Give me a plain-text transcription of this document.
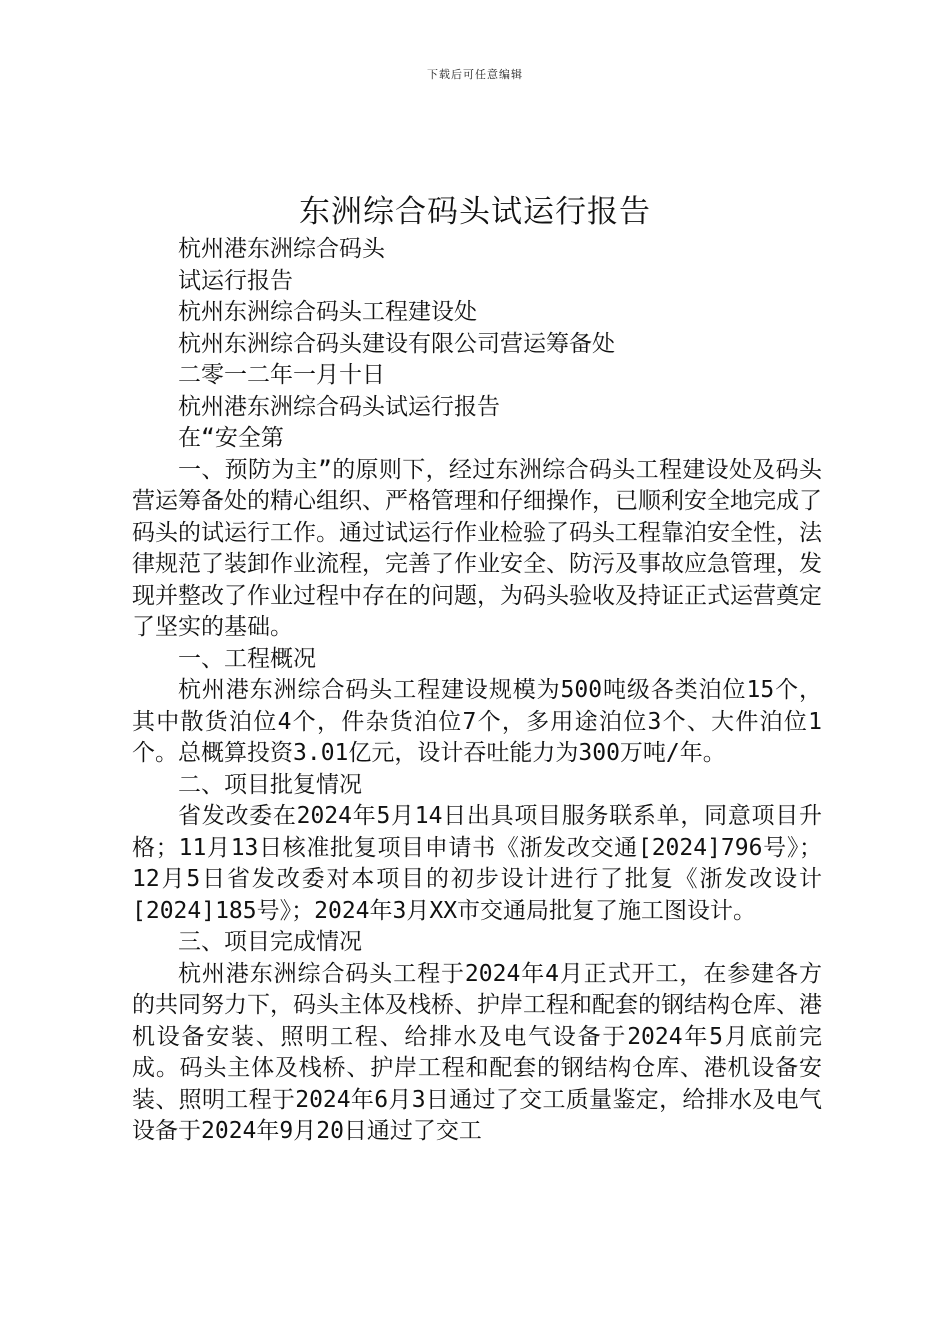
下载后可任意编辑
东洲综合码头试运行报告

杭州港东洲综合码头

试运行报告

杭州东洲综合码头工程建设处

杭州东洲综合码头建设有限公司营运筹备处

二零一二年一月十日

杭州港东洲综合码头试运行报告

在“安全第

一、预防为主”的原则下，经过东洲综合码头工程建设处及码头营运筹备处的精心组织、严格管理和仔细操作，已顺利安全地完成了码头的试运行工作。通过试运行作业检验了码头工程靠泊安全性，法律规范了装卸作业流程，完善了作业安全、防污及事故应急管理，发现并整改了作业过程中存在的问题，为码头验收及持证正式运营奠定了坚实的基础。

一、工程概况

杭州港东洲综合码头工程建设规模为500吨级各类泊位15个，其中散货泊位4个，件杂货泊位7个，多用途泊位3个、大件泊位1个。总概算投资3.01亿元，设计吞吐能力为300万吨/年。

二、项目批复情况

省发改委在2024年5月14日出具项目服务联系单，同意项目升格；11月13日核准批复项目申请书《浙发改交通[2024]796号》；12月5日省发改委对本项目的初步设计进行了批复《浙发改设计[2024]185号》；2024年3月XX市交通局批复了施工图设计。

三、项目完成情况

杭州港东洲综合码头工程于2024年4月正式开工，在参建各方的共同努力下，码头主体及栈桥、护岸工程和配套的钢结构仓库、港机设备安装、照明工程、给排水及电气设备于2024年5月底前完成。码头主体及栈桥、护岸工程和配套的钢结构仓库、港机设备安装、照明工程于2024年6月3日通过了交工质量鉴定，给排水及电气设备于2024年9月20日通过了交工
